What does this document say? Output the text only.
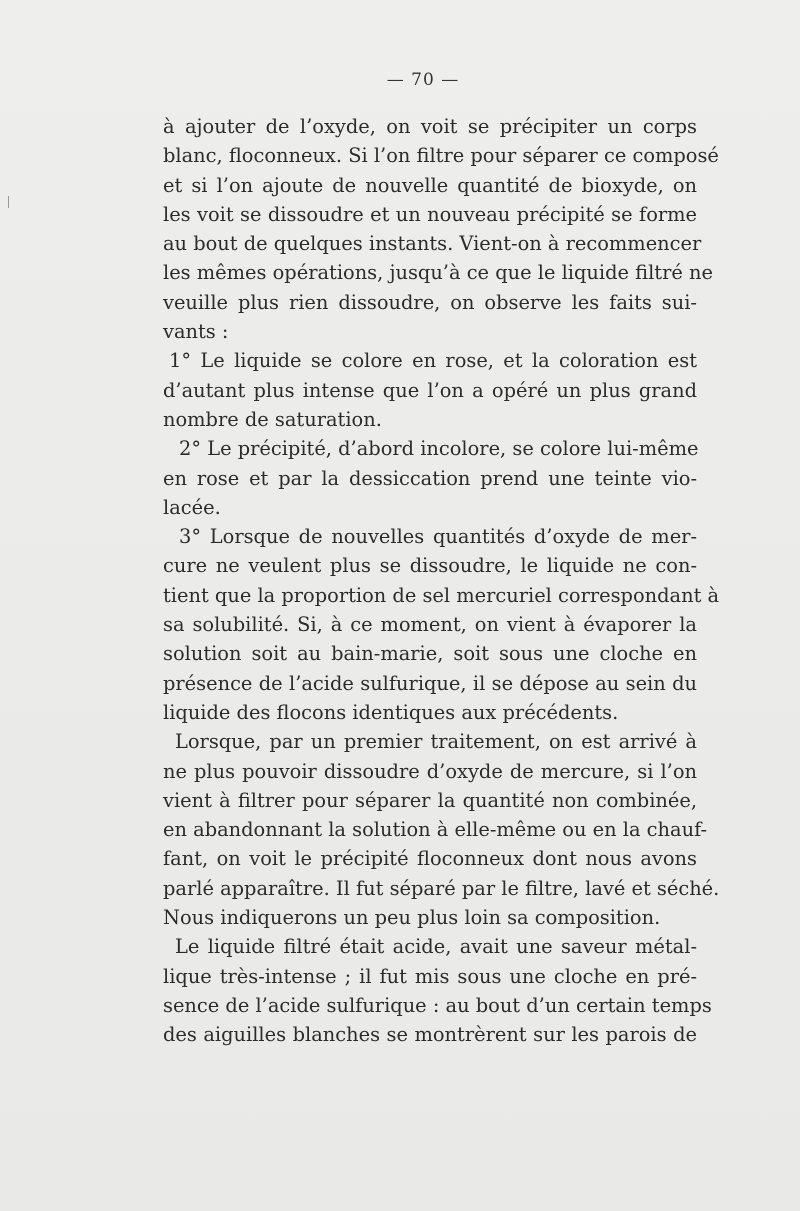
— 70 —
à ajouter de l’oxyde, on voit se précipiter un corps
blanc, floconneux. Si l’on filtre pour séparer ce composé
et si l’on ajoute de nouvelle quantité de bioxyde, on
les voit se dissoudre et un nouveau précipité se forme
au bout de quelques instants. Vient-on à recommencer
les mêmes opérations, jusqu’à ce que le liquide filtré ne
veuille plus rien dissoudre, on observe les faits sui-
vants :
1° Le liquide se colore en rose, et la coloration est
d’autant plus intense que l’on a opéré un plus grand
nombre de saturation.
2° Le précipité, d’abord incolore, se colore lui-même
en rose et par la dessiccation prend une teinte vio-
lacée.
3° Lorsque de nouvelles quantités d’oxyde de mer-
cure ne veulent plus se dissoudre, le liquide ne con-
tient que la proportion de sel mercuriel correspondant à
sa solubilité. Si, à ce moment, on vient à évaporer la
solution soit au bain-marie, soit sous une cloche en
présence de l’acide sulfurique, il se dépose au sein du
liquide des flocons identiques aux précédents.
Lorsque, par un premier traitement, on est arrivé à
ne plus pouvoir dissoudre d’oxyde de mercure, si l’on
vient à filtrer pour séparer la quantité non combinée,
en abandonnant la solution à elle-même ou en la chauf-
fant, on voit le précipité floconneux dont nous avons
parlé apparaître. Il fut séparé par le filtre, lavé et séché.
Nous indiquerons un peu plus loin sa composition.
Le liquide filtré était acide, avait une saveur métal-
lique très-intense ; il fut mis sous une cloche en pré-
sence de l’acide sulfurique : au bout d’un certain temps
des aiguilles blanches se montrèrent sur les parois de
